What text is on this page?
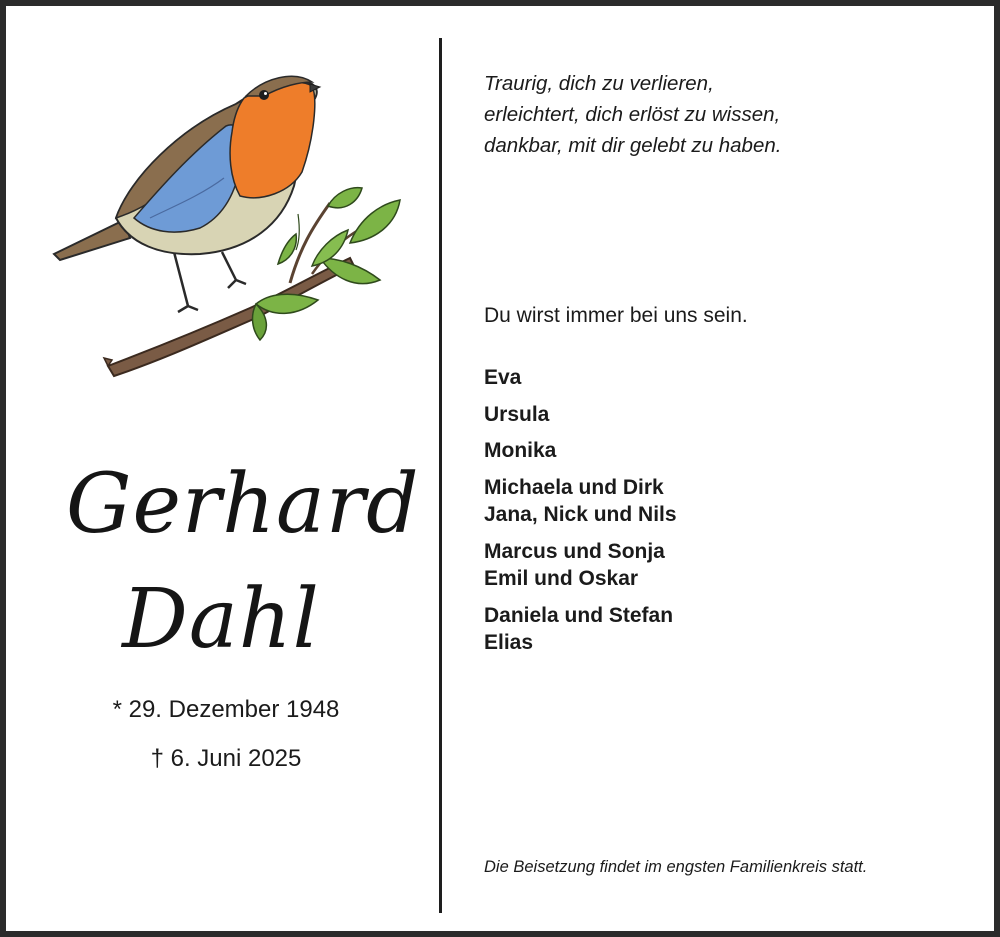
Gerhard
Dahl
* 29. Dezember 1948
† 6. Juni 2025
Traurig, dich zu verlieren,
erleichtert, dich erlöst zu wissen,
dankbar, mit dir gelebt zu haben.
Du wirst immer bei uns sein.
Eva
Ursula
Monika
Michaela und Dirk
Jana, Nick und Nils
Marcus und Sonja
Emil und Oskar
Daniela und Stefan
Elias
Die Beisetzung findet im engsten Familienkreis statt.
